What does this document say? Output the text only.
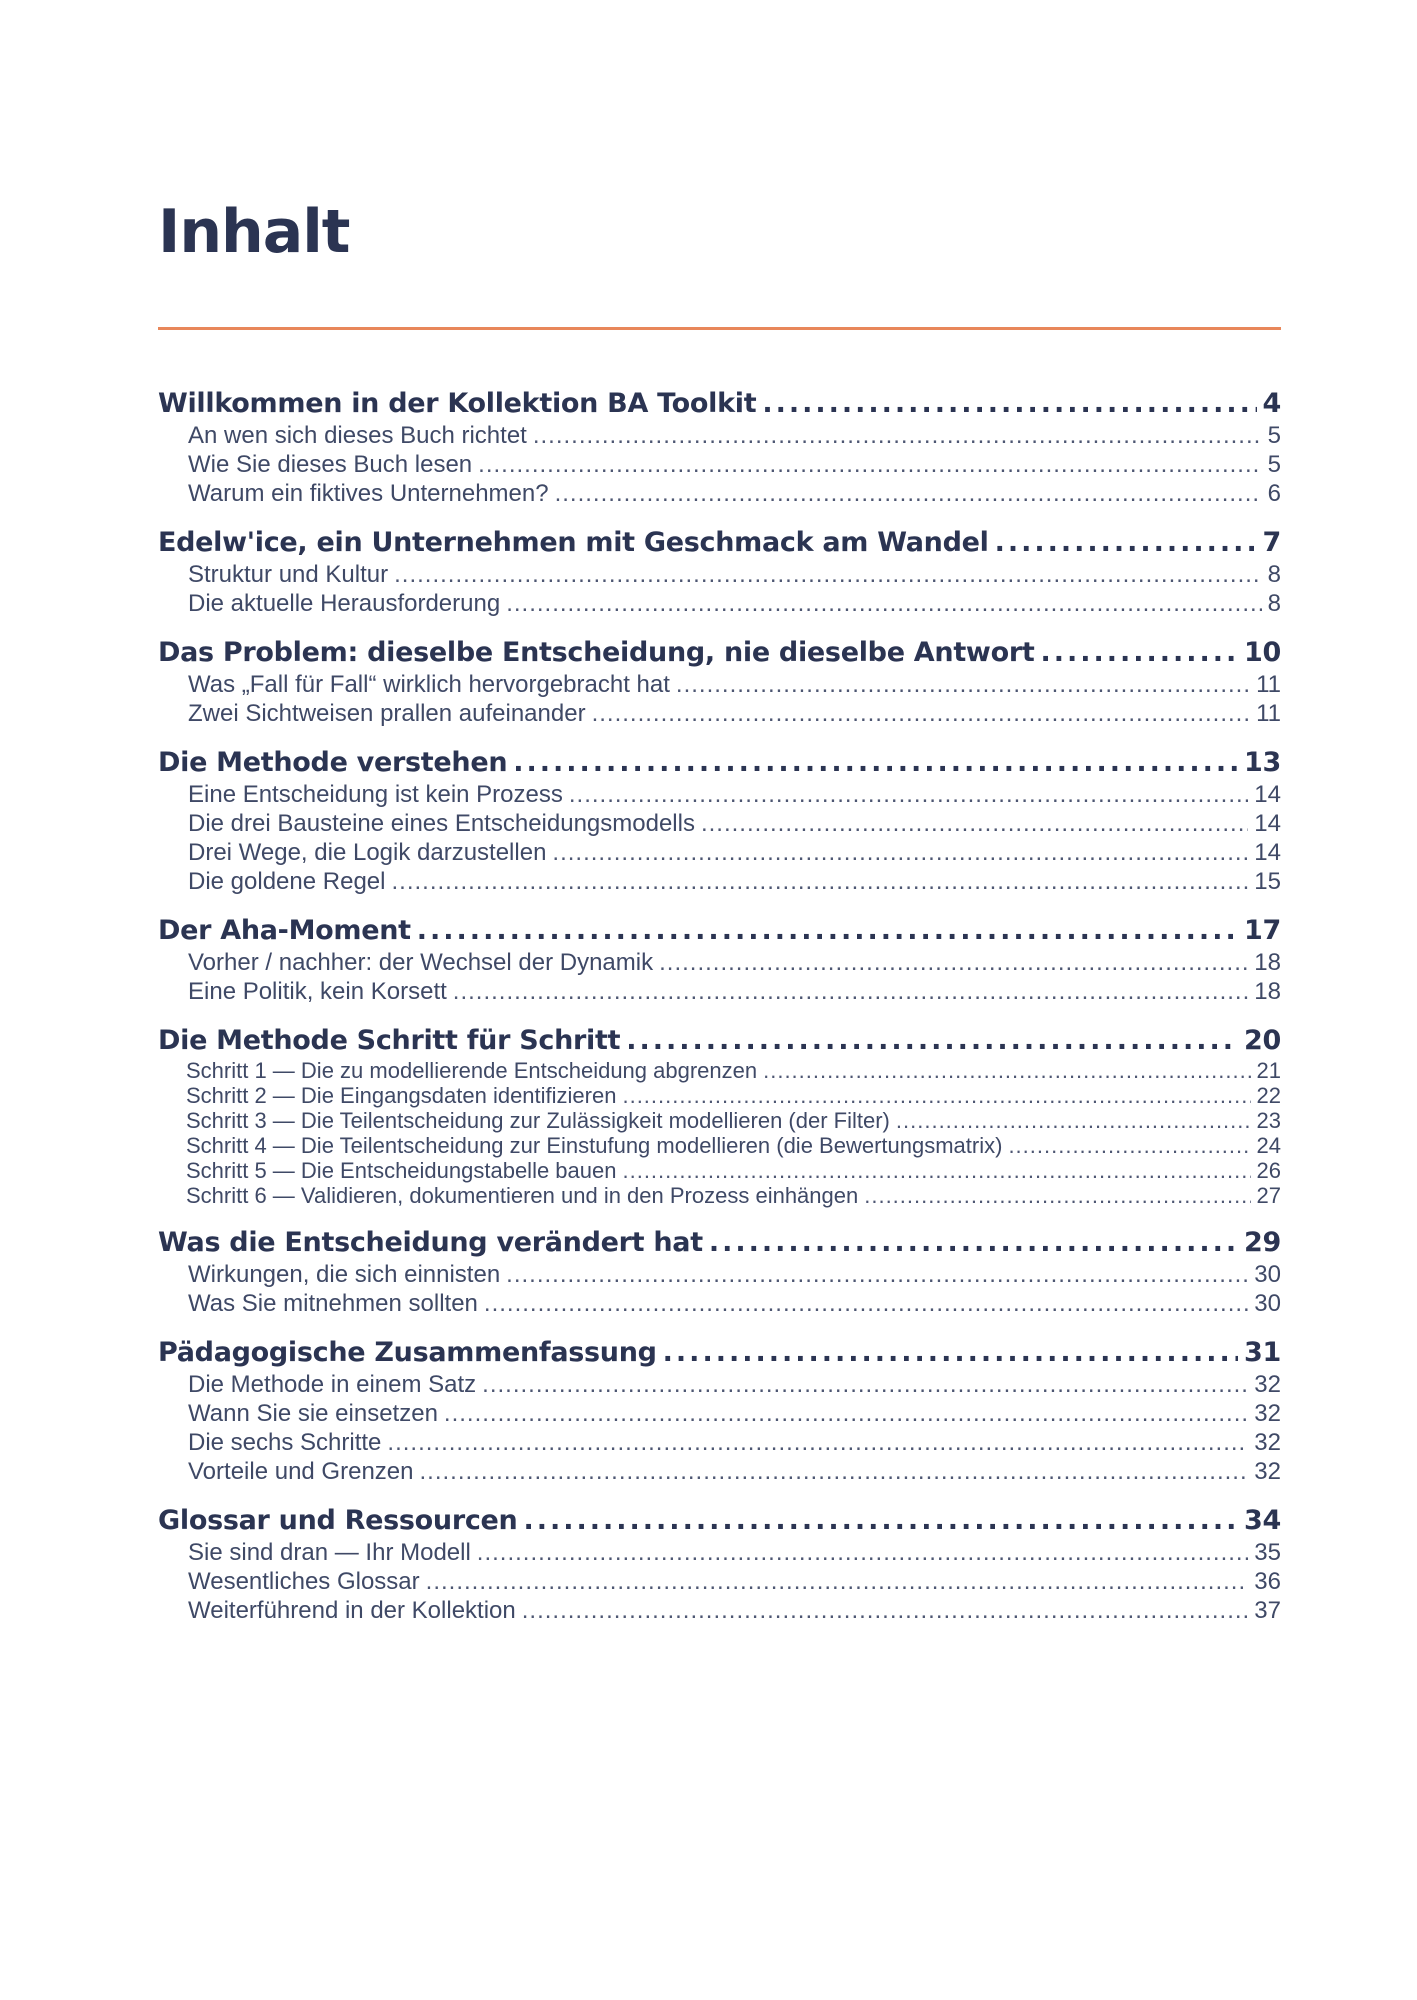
Inhalt
Willkommen in der Kollektion BA Toolkit .....	4
An wen sich dieses Buch richtet .....	5
Wie Sie dieses Buch lesen .....	5
Warum ein fiktives Unternehmen? .....	6
Edelw'ice, ein Unternehmen mit Geschmack am Wandel .....	7
Struktur und Kultur .....	8
Die aktuelle Herausforderung .....	8
Das Problem: dieselbe Entscheidung, nie dieselbe Antwort .....	10
Was „Fall für Fall“ wirklich hervorgebracht hat .....	11
Zwei Sichtweisen prallen aufeinander .....	11
Die Methode verstehen .....	13
Eine Entscheidung ist kein Prozess .....	14
Die drei Bausteine eines Entscheidungsmodells .....	14
Drei Wege, die Logik darzustellen .....	14
Die goldene Regel .....	15
Der Aha-Moment .....	17
Vorher / nachher: der Wechsel der Dynamik .....	18
Eine Politik, kein Korsett .....	18
Die Methode Schritt für Schritt .....	20
Schritt 1 — Die zu modellierende Entscheidung abgrenzen .....	21
Schritt 2 — Die Eingangsdaten identifizieren .....	22
Schritt 3 — Die Teilentscheidung zur Zulässigkeit modellieren (der Filter) .....	23
Schritt 4 — Die Teilentscheidung zur Einstufung modellieren (die Bewertungsmatrix) .....	24
Schritt 5 — Die Entscheidungstabelle bauen .....	26
Schritt 6 — Validieren, dokumentieren und in den Prozess einhängen .....	27
Was die Entscheidung verändert hat .....	29
Wirkungen, die sich einnisten .....	30
Was Sie mitnehmen sollten .....	30
Pädagogische Zusammenfassung .....	31
Die Methode in einem Satz .....	32
Wann Sie sie einsetzen .....	32
Die sechs Schritte .....	32
Vorteile und Grenzen .....	32
Glossar und Ressourcen .....	34
Sie sind dran — Ihr Modell .....	35
Wesentliches Glossar .....	36
Weiterführend in der Kollektion .....	37
